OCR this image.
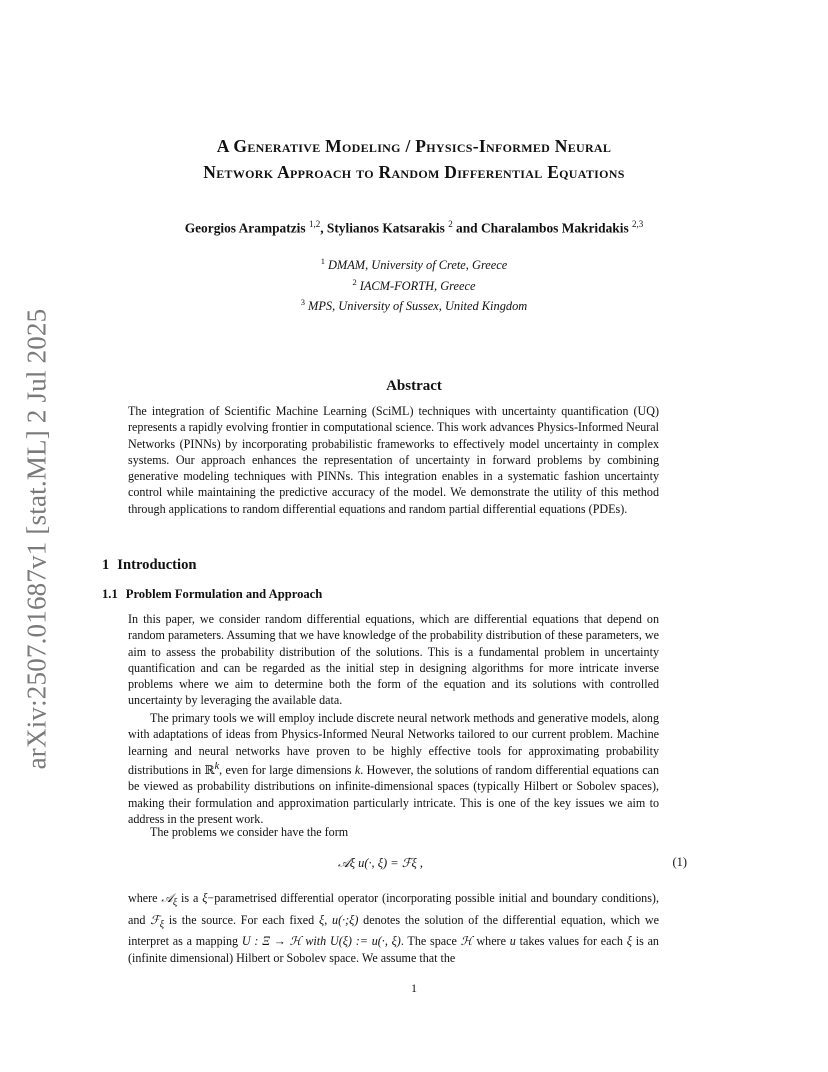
arXiv:2507.01687v1 [stat.ML] 2 Jul 2025
A Generative Modeling / Physics-Informed Neural
Network Approach to Random Differential Equations
Georgios Arampatzis $^{1,2}$, Stylianos Katsarakis $^2$ and Charalambos Makridakis $^{2,3}$
$^1$ DMAM, University of Crete, Greece
$^2$ IACM-FORTH, Greece
$^3$ MPS, University of Sussex, United Kingdom
Abstract
The integration of Scientific Machine Learning (SciML) techniques with uncertainty quantification (UQ) represents a rapidly evolving frontier in computational science. This work advances Physics-Informed Neural Networks (PINNs) by incorporating probabilistic frameworks to effectively model uncertainty in complex systems. Our approach enhances the representation of uncertainty in forward problems by combining generative modeling techniques with PINNs. This integration enables in a systematic fashion uncertainty control while maintaining the predictive accuracy of the model. We demonstrate the utility of this method through applications to random differential equations and random partial differential equations (PDEs).
1 Introduction
1.1 Problem Formulation and Approach

In this paper, we consider random differential equations, which are differential equations that depend on random parameters. Assuming that we have knowledge of the probability distribution of these parameters, we aim to assess the probability distribution of the solutions. This is a fundamental problem in uncertainty quantification and can be regarded as the initial step in designing algorithms for more intricate inverse problems where we aim to determine both the form of the equation and its solutions with controlled uncertainty by leveraging the available data.

The primary tools we will employ include discrete neural network methods and generative models, along with adaptations of ideas from Physics-Informed Neural Networks tailored to our current problem. Machine learning and neural networks have proven to be highly effective tools for approximating probability distributions in ℝ$^k$, even for large dimensions k. However, the solutions of random differential equations can be viewed as probability distributions on infinite-dimensional spaces (typically Hilbert or Sobolev spaces), making their formulation and approximation particularly intricate. This is one of the key issues we aim to address in the present work.

The problems we consider have the form

𝒜ξ u(·, ξ) = ℱξ ,	(1)

where 𝒜$_\xi$ is a ξ−parametrised differential operator (incorporating possible initial and boundary conditions), and ℱ$_\xi$ is the source. For each fixed ξ, u(·;ξ) denotes the solution of the differential equation, which we interpret as a mapping U : Ξ → ℋ with U(ξ) := u(·, ξ). The space ℋ where u takes values for each ξ is an (infinite dimensional) Hilbert or Sobolev space. We assume that the

1
